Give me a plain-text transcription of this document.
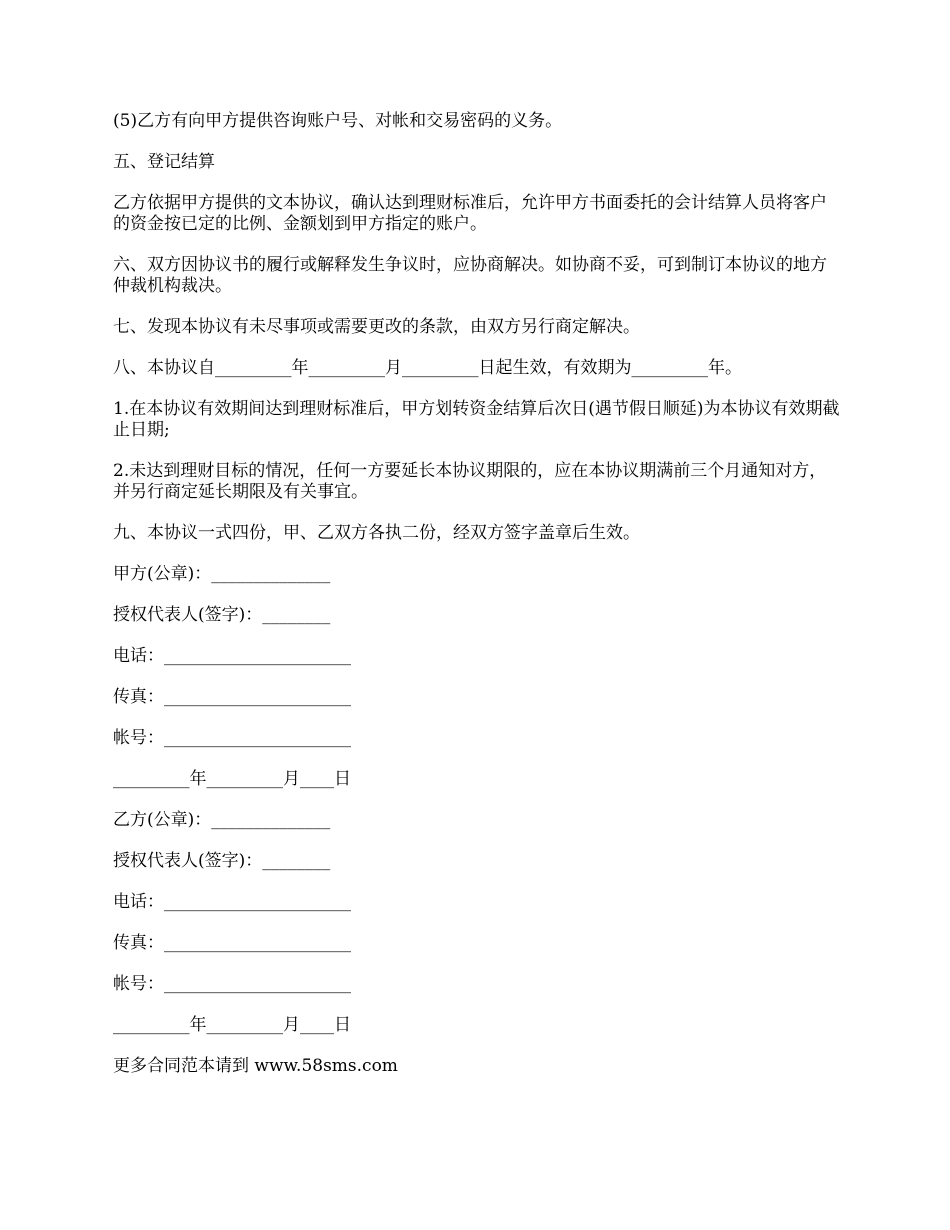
(5)乙方有向甲方提供咨询账户号、对帐和交易密码的义务。

五、登记结算

乙方依据甲方提供的文本协议，确认达到理财标准后，允许甲方书面委托的会计结算人员将客户的资金按已定的比例、金额划到甲方指定的账户。

六、双方因协议书的履行或解释发生争议时，应协商解决。如协商不妥，可到制订本协议的地方仲裁机构裁决。

七、发现本协议有未尽事项或需要更改的条款，由双方另行商定解决。

八、本协议自_________年_________月_________日起生效，有效期为_________年。

1.在本协议有效期间达到理财标准后，甲方划转资金结算后次日(遇节假日顺延)为本协议有效期截止日期;

2.未达到理财目标的情况，任何一方要延长本协议期限的，应在本协议期满前三个月通知对方，并另行商定延长期限及有关事宜。

九、本协议一式四份，甲、乙双方各执二份，经双方签字盖章后生效。

甲方(公章)：______________

授权代表人(签字)：________

电话：______________________

传真：______________________

帐号：______________________

_________年_________月____日

乙方(公章)：______________

授权代表人(签字)：________

电话：______________________

传真：______________________

帐号：______________________

_________年_________月____日

更多合同范本请到 www.58sms.com
